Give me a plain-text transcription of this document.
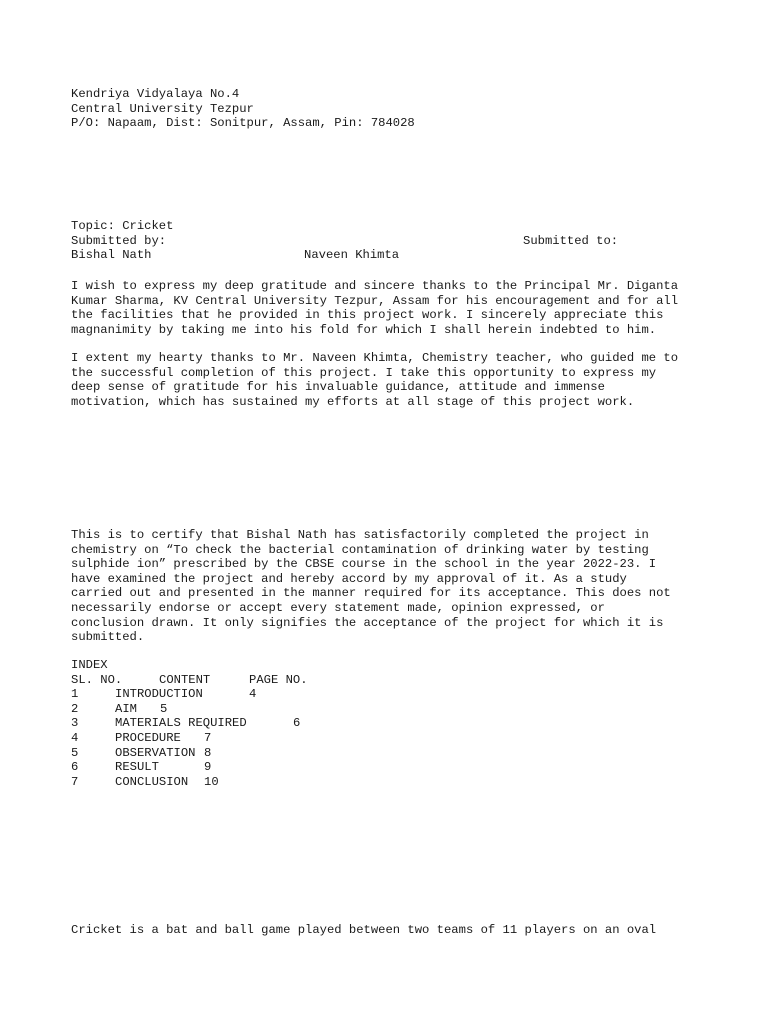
Kendriya Vidyalaya No.4
Central University Tezpur
P/O: Napaam, Dist: Sonitpur, Assam, Pin: 784028
Topic: Cricket
Submitted by:	Submitted to:
Bishal Nath	Naveen Khimta
I wish to express my deep gratitude and sincere thanks to the Principal Mr. Diganta
Kumar Sharma, KV Central University Tezpur, Assam for his encouragement and for all
the facilities that he provided in this project work. I sincerely appreciate this
magnanimity by taking me into his fold for which I shall herein indebted to him.
I extent my hearty thanks to Mr. Naveen Khimta, Chemistry teacher, who guided me to
the successful completion of this project. I take this opportunity to express my
deep sense of gratitude for his invaluable guidance, attitude and immense
motivation, which has sustained my efforts at all stage of this project work.
This is to certify that Bishal Nath has satisfactorily completed the project in
chemistry on “To check the bacterial contamination of drinking water by testing
sulphide ion” prescribed by the CBSE course in the school in the year 2022-23. I
have examined the project and hereby accord by my approval of it. As a study
carried out and presented in the manner required for its acceptance. This does not
necessarily endorse or accept every statement made, opinion expressed, or
conclusion drawn. It only signifies the acceptance of the project for which it is
submitted.
INDEX
SL. NO.	CONTENT	PAGE NO.
1	INTRODUCTION	4
2	AIM 5
3	MATERIALS REQUIRED	6
4	PROCEDURE 7
5	OBSERVATION 8
6	RESULT	9
7	CONCLUSION 10
Cricket is a bat and ball game played between two teams of 11 players on an oval
